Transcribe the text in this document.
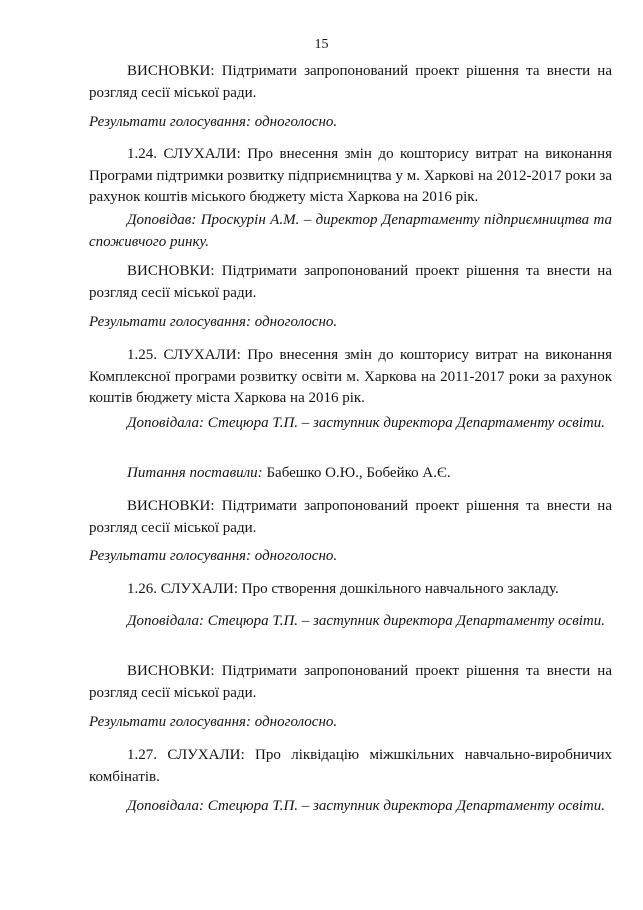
15

ВИСНОВКИ: Підтримати запропонований проект рішення та внести на розгляд сесії міської ради.

Результати голосування: одноголосно.

1.24. СЛУХАЛИ: Про внесення змін до кошторису витрат на виконання Програми підтримки розвитку підприємництва у м. Харкові на 2012-2017 роки за рахунок коштів міського бюджету міста Харкова на 2016 рік.

Доповідав: Проскурін А.М. – директор Департаменту підприємництва та споживчого ринку.

ВИСНОВКИ: Підтримати запропонований проект рішення та внести на розгляд сесії міської ради.

Результати голосування: одноголосно.

1.25. СЛУХАЛИ: Про внесення змін до кошторису витрат на виконання Комплексної програми розвитку освіти м. Харкова на 2011-2017 роки за рахунок коштів бюджету міста Харкова на 2016 рік.

Доповідала: Стецюра Т.П. – заступник директора Департаменту освіти.

Питання поставили: Бабешко О.Ю., Бобейко А.Є.

ВИСНОВКИ: Підтримати запропонований проект рішення та внести на розгляд сесії міської ради.

Результати голосування: одноголосно.

1.26. СЛУХАЛИ: Про створення дошкільного навчального закладу.

Доповідала: Стецюра Т.П. – заступник директора Департаменту освіти.

ВИСНОВКИ: Підтримати запропонований проект рішення та внести на розгляд сесії міської ради.

Результати голосування: одноголосно.

1.27. СЛУХАЛИ: Про ліквідацію міжшкільних навчально-виробничих комбінатів.

Доповідала: Стецюра Т.П. – заступник директора Департаменту освіти.
